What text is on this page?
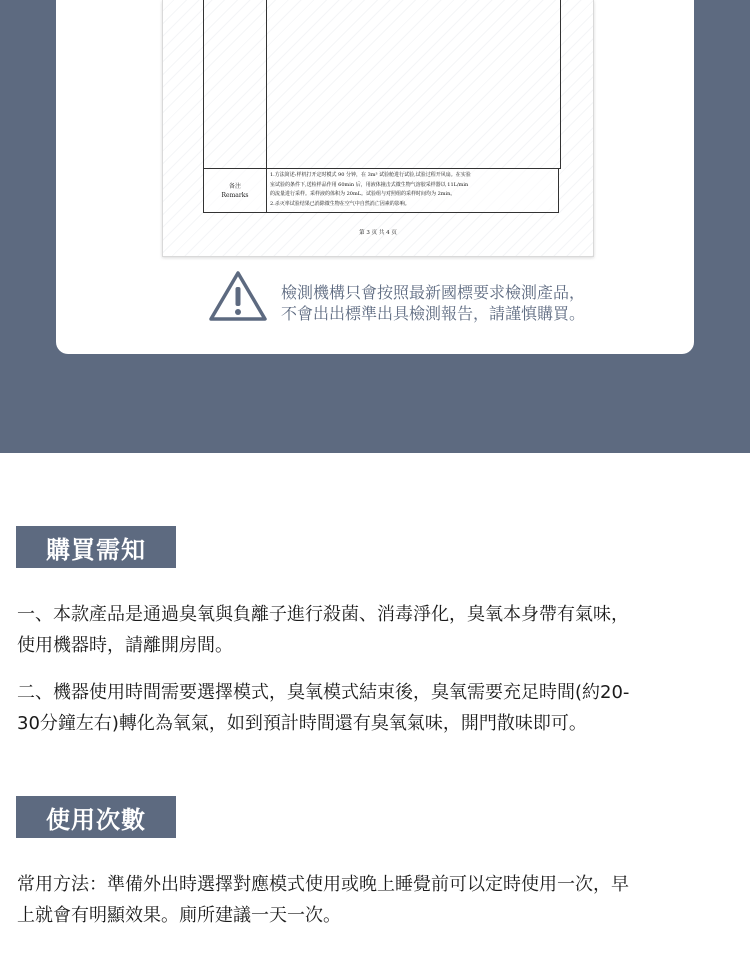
备注
Remarks
1.方法简述:样机打开定时模式 90 分钟，在 3m³ 试验舱进行试验,试验过程开风扇。在实验
室试验的条件下,送检样品作用 60min 后，用液体撞击式微生物气溶胶采样器以 11L/min
的流量进行采样。采样液的体积为 20mL。试验组与对照组的采样时间均为 2min。
2.杀灭率试验结果已消除微生物在空气中自然消亡因素的影响。
第 3 页 共 4 页
檢測機構只會按照最新國標要求檢測產品，
不會出出標準出具檢測報告，請謹慎購買。
購買需知
一、本款產品是通過臭氧與負離子進行殺菌、消毒淨化，臭氧本身帶有氣味，
使用機器時，請離開房間。
二、機器使用時間需要選擇模式，臭氧模式結束後，臭氧需要充足時間(約20-
30分鐘左右)轉化為氧氣，如到預計時間還有臭氧氣味，開門散味即可。
使用次數
常用方法：準備外出時選擇對應模式使用或晚上睡覺前可以定時使用一次，早
上就會有明顯效果。廁所建議一天一次。
